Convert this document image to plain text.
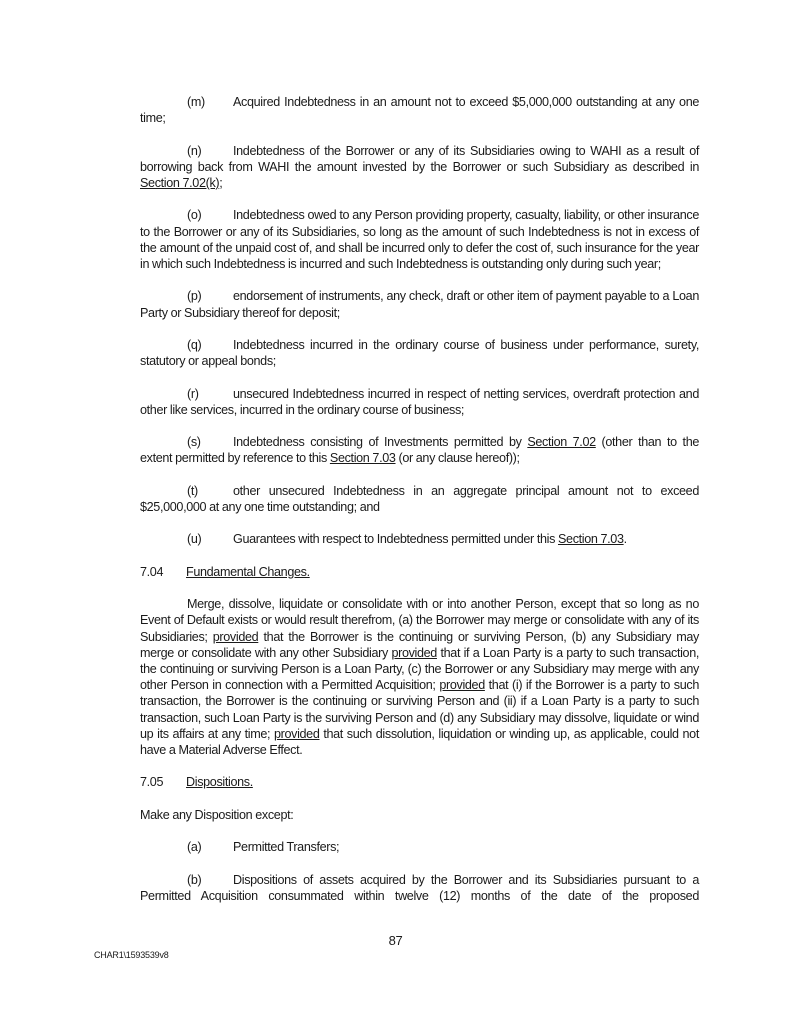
(m) Acquired Indebtedness in an amount not to exceed $5,000,000 outstanding at any one time;

(n)	Indebtedness of the Borrower or any of its Subsidiaries owing to WAHI as a result of borrowing back from WAHI the amount invested by the Borrower or such Subsidiary as described in Section 7.02(k);

(o)	Indebtedness owed to any Person providing property, casualty, liability, or other insurance to the Borrower or any of its Subsidiaries, so long as the amount of such Indebtedness is not in excess of the amount of the unpaid cost of, and shall be incurred only to defer the cost of, such insurance for the year in which such Indebtedness is incurred and such Indebtedness is outstanding only during such year;

(p)	endorsement of instruments, any check, draft or other item of payment payable to a Loan Party or Subsidiary thereof for deposit;

(q)	Indebtedness incurred in the ordinary course of business under performance, surety, statutory or appeal bonds;

(r)	unsecured Indebtedness incurred in respect of netting services, overdraft protection and other like services, incurred in the ordinary course of business;

(s)	Indebtedness consisting of Investments permitted by Section 7.02 (other than to the extent permitted by reference to this Section 7.03 (or any clause hereof));

(t)	other unsecured Indebtedness in an aggregate principal amount not to exceed $25,000,000 at any one time outstanding; and

(u)	Guarantees with respect to Indebtedness permitted under this Section 7.03.

7.04 Fundamental Changes.

Merge, dissolve, liquidate or consolidate with or into another Person, except that so long as no Event of Default exists or would result therefrom, (a) the Borrower may merge or consolidate with any of its Subsidiaries; provided that the Borrower is the continuing or surviving Person, (b) any Subsidiary may merge or consolidate with any other Subsidiary provided that if a Loan Party is a party to such transaction, the continuing or surviving Person is a Loan Party, (c) the Borrower or any Subsidiary may merge with any other Person in connection with a Permitted Acquisition; provided that (i) if the Borrower is a party to such transaction, the Borrower is the continuing or surviving Person and (ii) if a Loan Party is a party to such transaction, such Loan Party is the surviving Person and (d) any Subsidiary may dissolve, liquidate or wind up its affairs at any time; provided that such dissolution, liquidation or winding up, as applicable, could not have a Material Adverse Effect.

7.05 Dispositions.

Make any Disposition except:

(a)	Permitted Transfers;

(b)	Dispositions of assets acquired by the Borrower and its Subsidiaries pursuant to a Permitted Acquisition consummated within twelve (12) months of the date of the proposed

87
CHAR1\1593539v8
